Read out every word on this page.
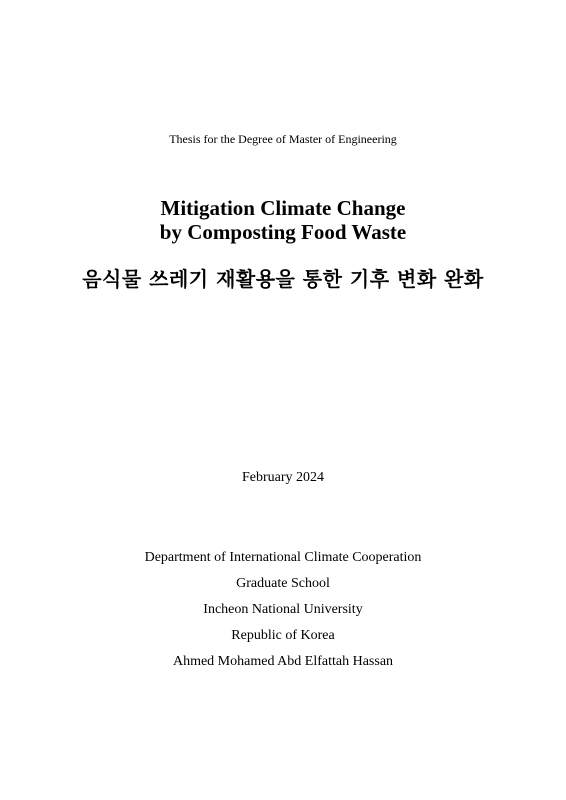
Thesis for the Degree of Master of Engineering
Mitigation Climate Change
by Composting Food Waste
음식물 쓰레기 재활용을 통한 기후 변화 완화
February 2024
Department of International Climate Cooperation
Graduate School
Incheon National University
Republic of Korea
Ahmed Mohamed Abd Elfattah Hassan
